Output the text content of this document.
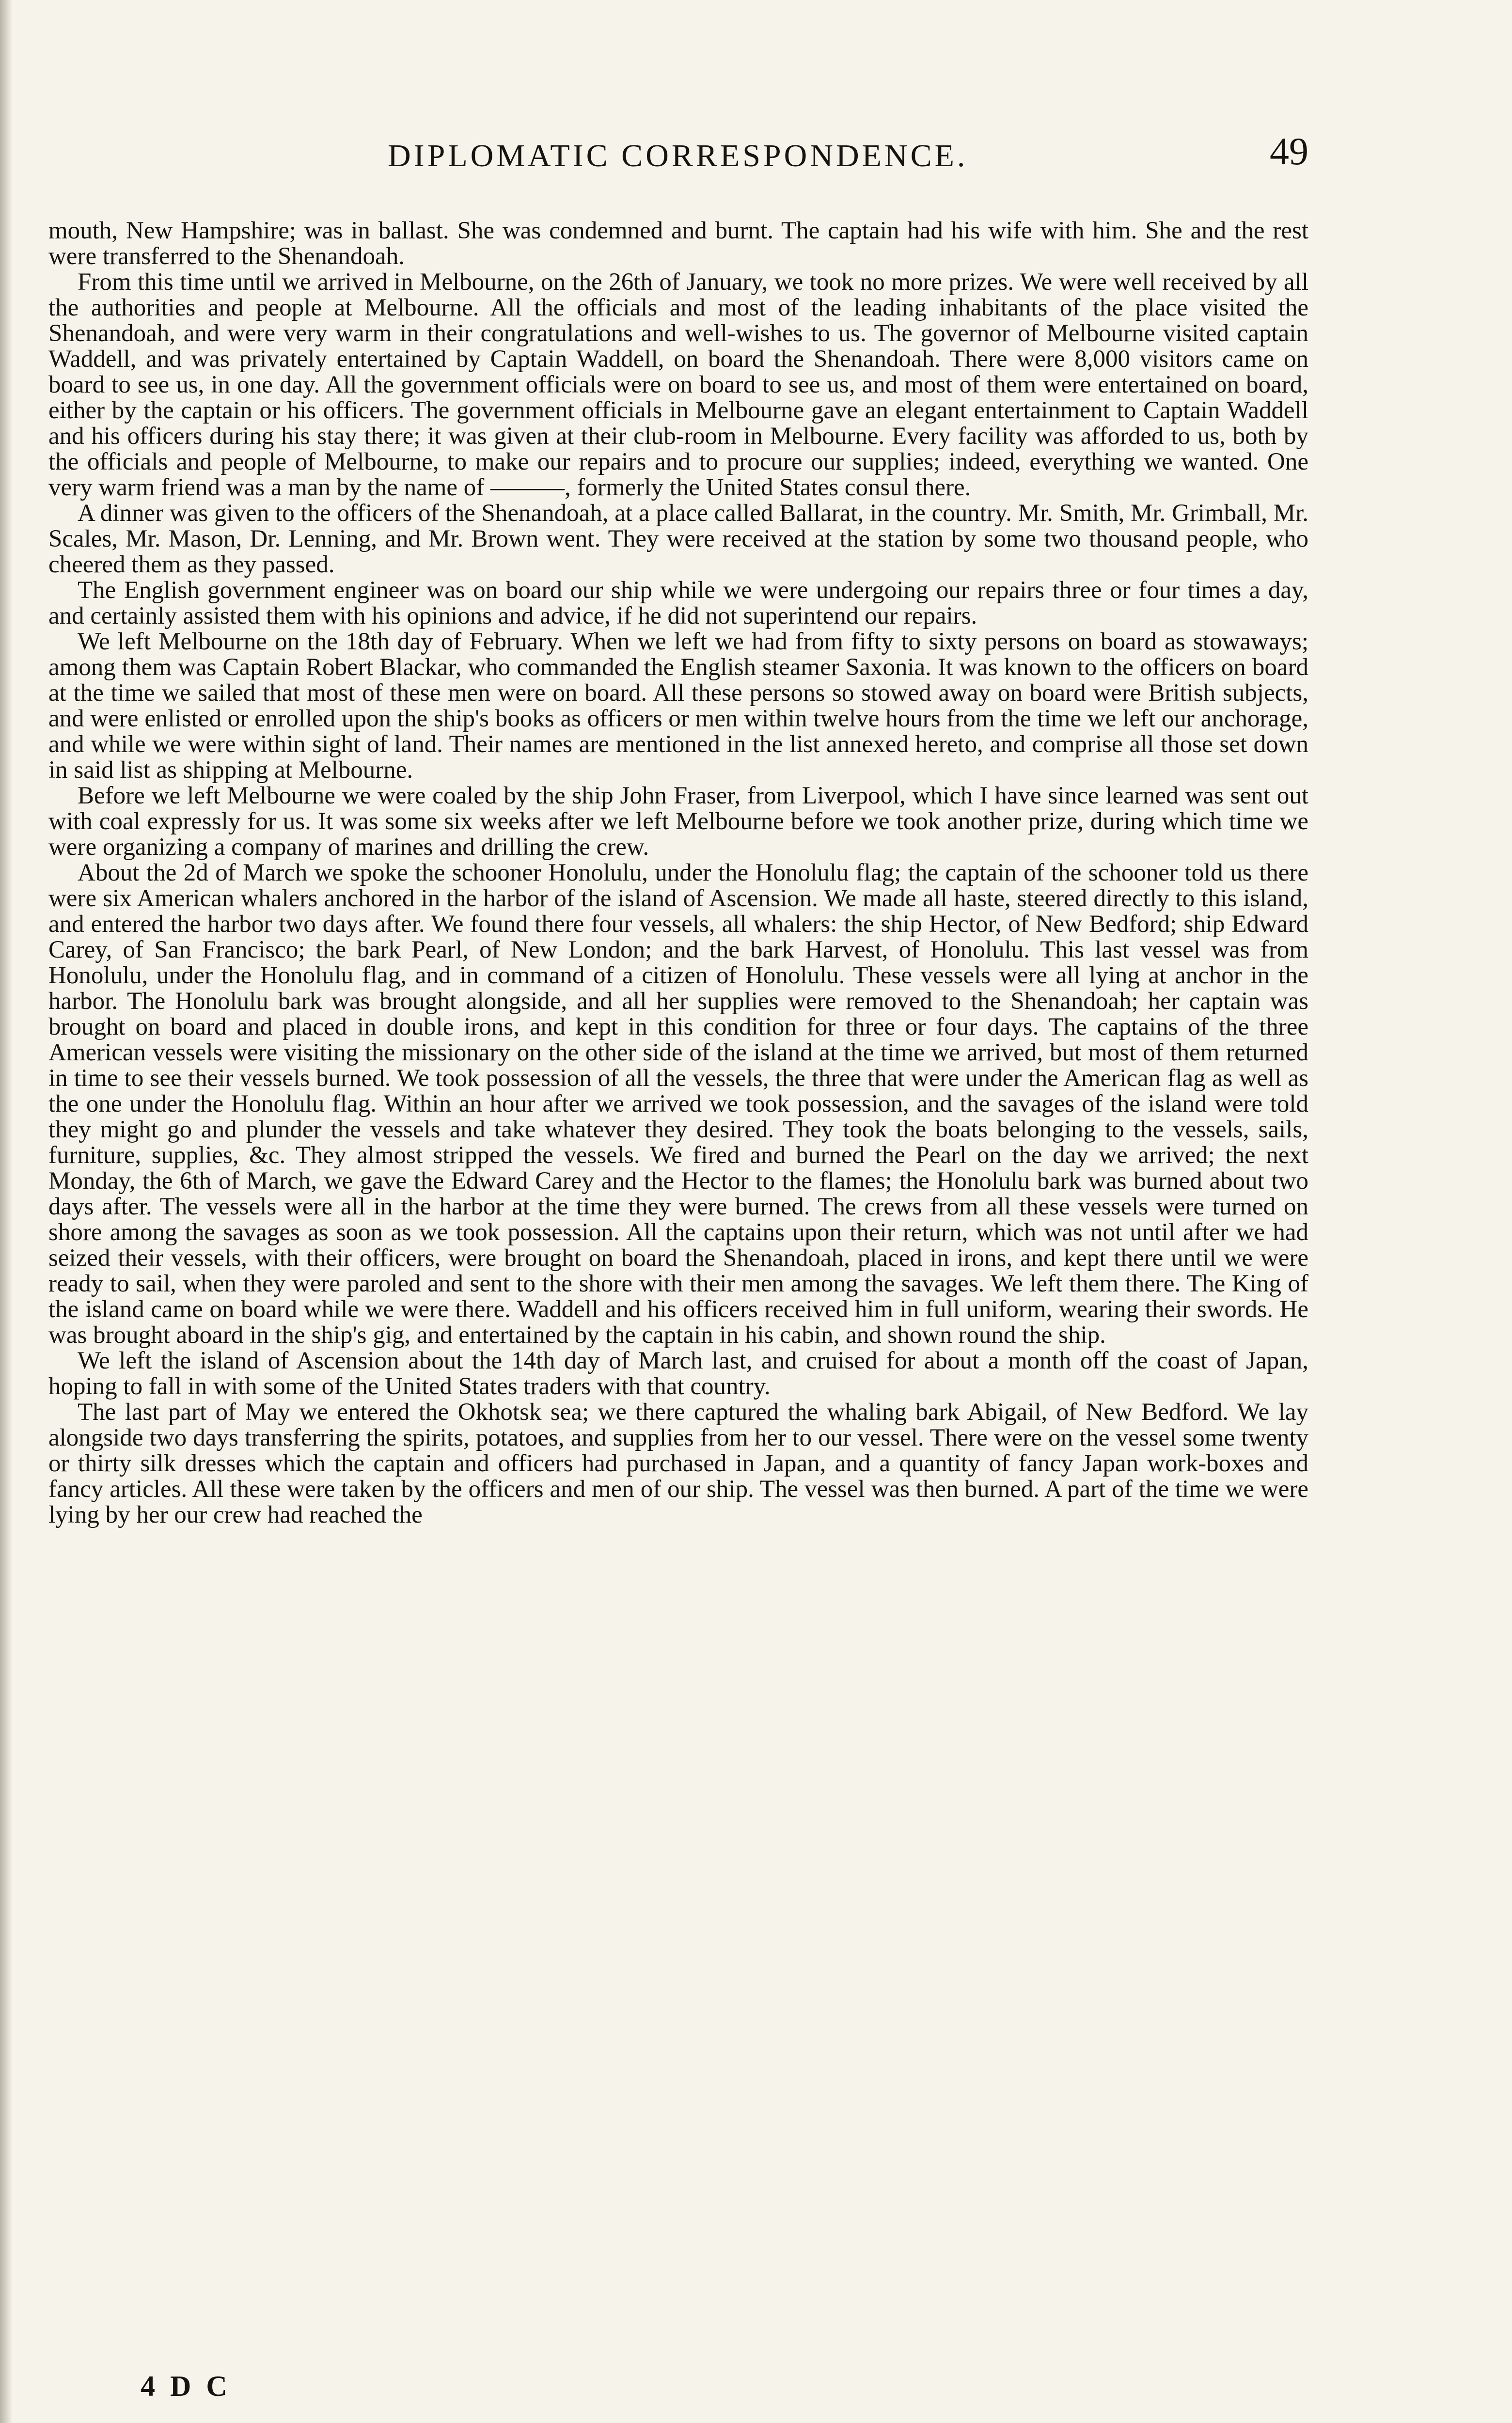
DIPLOMATIC CORRESPONDENCE.	49

mouth, New Hampshire; was in ballast. She was condemned and burnt. The captain had his wife with him. She and the rest were transferred to the Shenandoah.

From this time until we arrived in Melbourne, on the 26th of January, we took no more prizes. We were well received by all the authorities and people at Melbourne. All the officials and most of the leading inhabitants of the place visited the Shenandoah, and were very warm in their congratulations and well-wishes to us. The governor of Melbourne visited captain Waddell, and was privately entertained by Captain Waddell, on board the Shenandoah. There were 8,000 visitors came on board to see us, in one day. All the government officials were on board to see us, and most of them were entertained on board, either by the captain or his officers. The government officials in Melbourne gave an elegant entertainment to Captain Waddell and his officers during his stay there; it was given at their club-room in Melbourne. Every facility was afforded to us, both by the officials and people of Melbourne, to make our repairs and to procure our supplies; indeed, everything we wanted. One very warm friend was a man by the name of ———, formerly the United States consul there.

A dinner was given to the officers of the Shenandoah, at a place called Ballarat, in the country. Mr. Smith, Mr. Grimball, Mr. Scales, Mr. Mason, Dr. Lenning, and Mr. Brown went. They were received at the station by some two thousand people, who cheered them as they passed.

The English government engineer was on board our ship while we were undergoing our repairs three or four times a day, and certainly assisted them with his opinions and advice, if he did not superintend our repairs.

We left Melbourne on the 18th day of February. When we left we had from fifty to sixty persons on board as stowaways; among them was Captain Robert Blackar, who commanded the English steamer Saxonia. It was known to the officers on board at the time we sailed that most of these men were on board. All these persons so stowed away on board were British subjects, and were enlisted or enrolled upon the ship's books as officers or men within twelve hours from the time we left our anchorage, and while we were within sight of land. Their names are mentioned in the list annexed hereto, and comprise all those set down in said list as shipping at Melbourne.

Before we left Melbourne we were coaled by the ship John Fraser, from Liverpool, which I have since learned was sent out with coal expressly for us. It was some six weeks after we left Melbourne before we took another prize, during which time we were organizing a company of marines and drilling the crew.

About the 2d of March we spoke the schooner Honolulu, under the Honolulu flag; the captain of the schooner told us there were six American whalers anchored in the harbor of the island of Ascension. We made all haste, steered directly to this island, and entered the harbor two days after. We found there four vessels, all whalers: the ship Hector, of New Bedford; ship Edward Carey, of San Francisco; the bark Pearl, of New London; and the bark Harvest, of Honolulu. This last vessel was from Honolulu, under the Honolulu flag, and in command of a citizen of Honolulu. These vessels were all lying at anchor in the harbor. The Honolulu bark was brought alongside, and all her supplies were removed to the Shenandoah; her captain was brought on board and placed in double irons, and kept in this condition for three or four days. The captains of the three American vessels were visiting the missionary on the other side of the island at the time we arrived, but most of them returned in time to see their vessels burned. We took possession of all the vessels, the three that were under the American flag as well as the one under the Honolulu flag. Within an hour after we arrived we took possession, and the savages of the island were told they might go and plunder the vessels and take whatever they desired. They took the boats belonging to the vessels, sails, furniture, supplies, &c. They almost stripped the vessels. We fired and burned the Pearl on the day we arrived; the next Monday, the 6th of March, we gave the Edward Carey and the Hector to the flames; the Honolulu bark was burned about two days after. The vessels were all in the harbor at the time they were burned. The crews from all these vessels were turned on shore among the savages as soon as we took possession. All the captains upon their return, which was not until after we had seized their vessels, with their officers, were brought on board the Shenandoah, placed in irons, and kept there until we were ready to sail, when they were paroled and sent to the shore with their men among the savages. We left them there. The King of the island came on board while we were there. Waddell and his officers received him in full uniform, wearing their swords. He was brought aboard in the ship's gig, and entertained by the captain in his cabin, and shown round the ship.

We left the island of Ascension about the 14th day of March last, and cruised for about a month off the coast of Japan, hoping to fall in with some of the United States traders with that country.

The last part of May we entered the Okhotsk sea; we there captured the whaling bark Abigail, of New Bedford. We lay alongside two days transferring the spirits, potatoes, and supplies from her to our vessel. There were on the vessel some twenty or thirty silk dresses which the captain and officers had purchased in Japan, and a quantity of fancy Japan work-boxes and fancy articles. All these were taken by the officers and men of our ship. The vessel was then burned. A part of the time we were lying by her our crew had reached the

4 D C
